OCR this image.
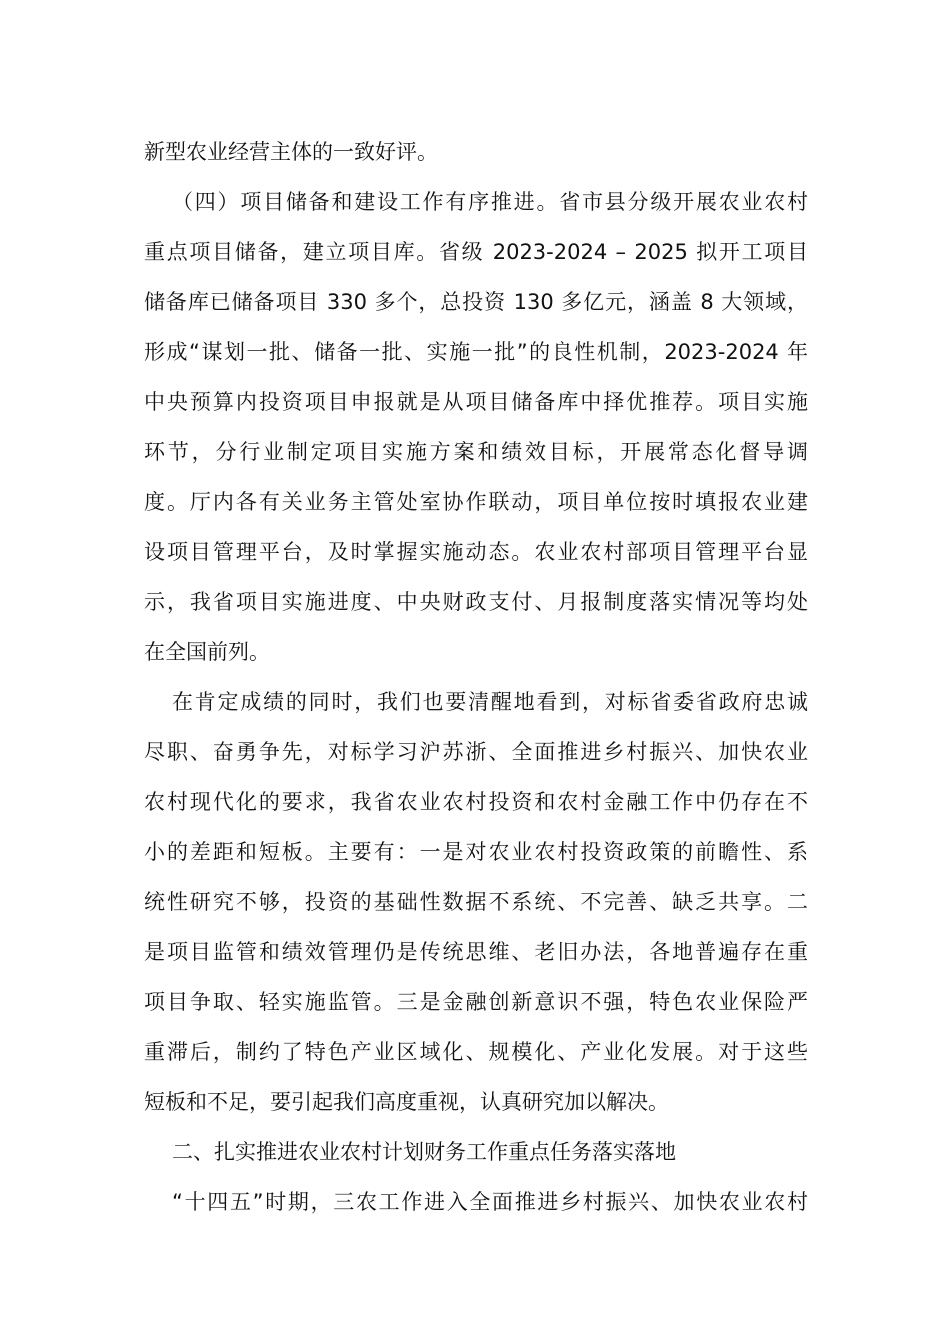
新型农业经营主体的一致好评。
（四）项目储备和建设工作有序推进。省市县分级开展农业农村
重点项目储备，建立项目库。省级 2023-2024 – 2025 拟开工项目
储备库已储备项目 330 多个，总投资 130 多亿元，涵盖 8 大领域，
形成“谋划一批、储备一批、实施一批”的良性机制，2023-2024 年
中央预算内投资项目申报就是从项目储备库中择优推荐。项目实施
环节，分行业制定项目实施方案和绩效目标，开展常态化督导调
度。厅内各有关业务主管处室协作联动，项目单位按时填报农业建
设项目管理平台，及时掌握实施动态。农业农村部项目管理平台显
示，我省项目实施进度、中央财政支付、月报制度落实情况等均处
在全国前列。
在肯定成绩的同时，我们也要清醒地看到，对标省委省政府忠诚
尽职、奋勇争先，对标学习沪苏浙、全面推进乡村振兴、加快农业
农村现代化的要求，我省农业农村投资和农村金融工作中仍存在不
小的差距和短板。主要有：一是对农业农村投资政策的前瞻性、系
统性研究不够，投资的基础性数据不系统、不完善、缺乏共享。二
是项目监管和绩效管理仍是传统思维、老旧办法，各地普遍存在重
项目争取、轻实施监管。三是金融创新意识不强，特色农业保险严
重滞后，制约了特色产业区域化、规模化、产业化发展。对于这些
短板和不足，要引起我们高度重视，认真研究加以解决。
二、扎实推进农业农村计划财务工作重点任务落实落地
“十四五”时期，三农工作进入全面推进乡村振兴、加快农业农村
